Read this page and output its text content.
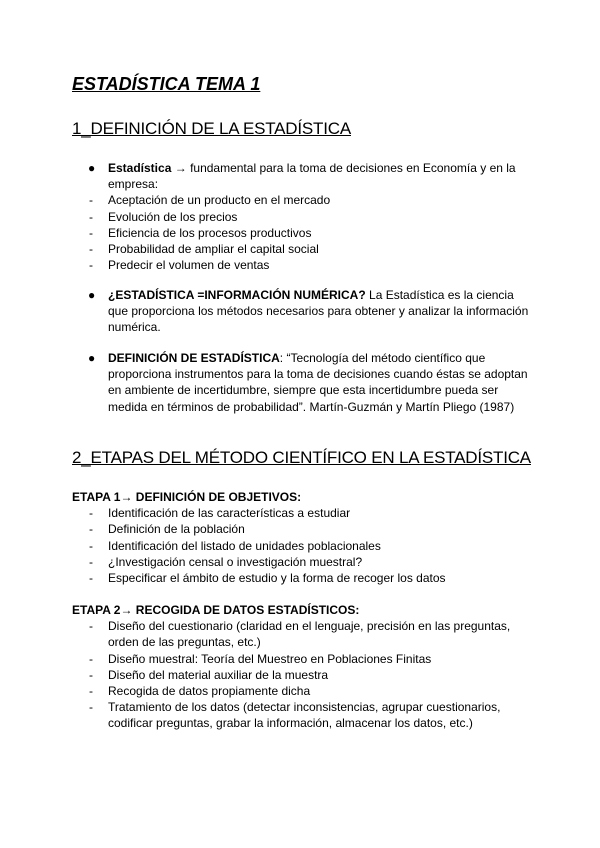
ESTADÍSTICA TEMA 1
1_DEFINICIÓN DE LA ESTADÍSTICA
● Estadística → fundamental para la toma de decisiones en Economía y en la empresa:
- Aceptación de un producto en el mercado
- Evolución de los precios
- Eficiencia de los procesos productivos
- Probabilidad de ampliar el capital social
- Predecir el volumen de ventas
● ¿ESTADÍSTICA =INFORMACIÓN NUMÉRICA? La Estadística es la ciencia que proporciona los métodos necesarios para obtener y analizar la información numérica.
● DEFINICIÓN DE ESTADÍSTICA: “Tecnología del método científico que proporciona instrumentos para la toma de decisiones cuando éstas se adoptan en ambiente de incertidumbre, siempre que esta incertidumbre pueda ser medida en términos de probabilidad”. Martín-Guzmán y Martín Pliego (1987)
2_ETAPAS DEL MÉTODO CIENTÍFICO EN LA ESTADÍSTICA

ETAPA 1→ DEFINICIÓN DE OBJETIVOS:

- Identificación de las características a estudiar
- Definición de la población
- Identificación del listado de unidades poblacionales
- ¿Investigación censal o investigación muestral?
- Especificar el ámbito de estudio y la forma de recoger los datos

ETAPA 2→ RECOGIDA DE DATOS ESTADÍSTICOS:

- Diseño del cuestionario (claridad en el lenguaje, precisión en las preguntas, orden de las preguntas, etc.)
- Diseño muestral: Teoría del Muestreo en Poblaciones Finitas
- Diseño del material auxiliar de la muestra
- Recogida de datos propiamente dicha
- Tratamiento de los datos (detectar inconsistencias, agrupar cuestionarios, codificar preguntas, grabar la información, almacenar los datos, etc.)
